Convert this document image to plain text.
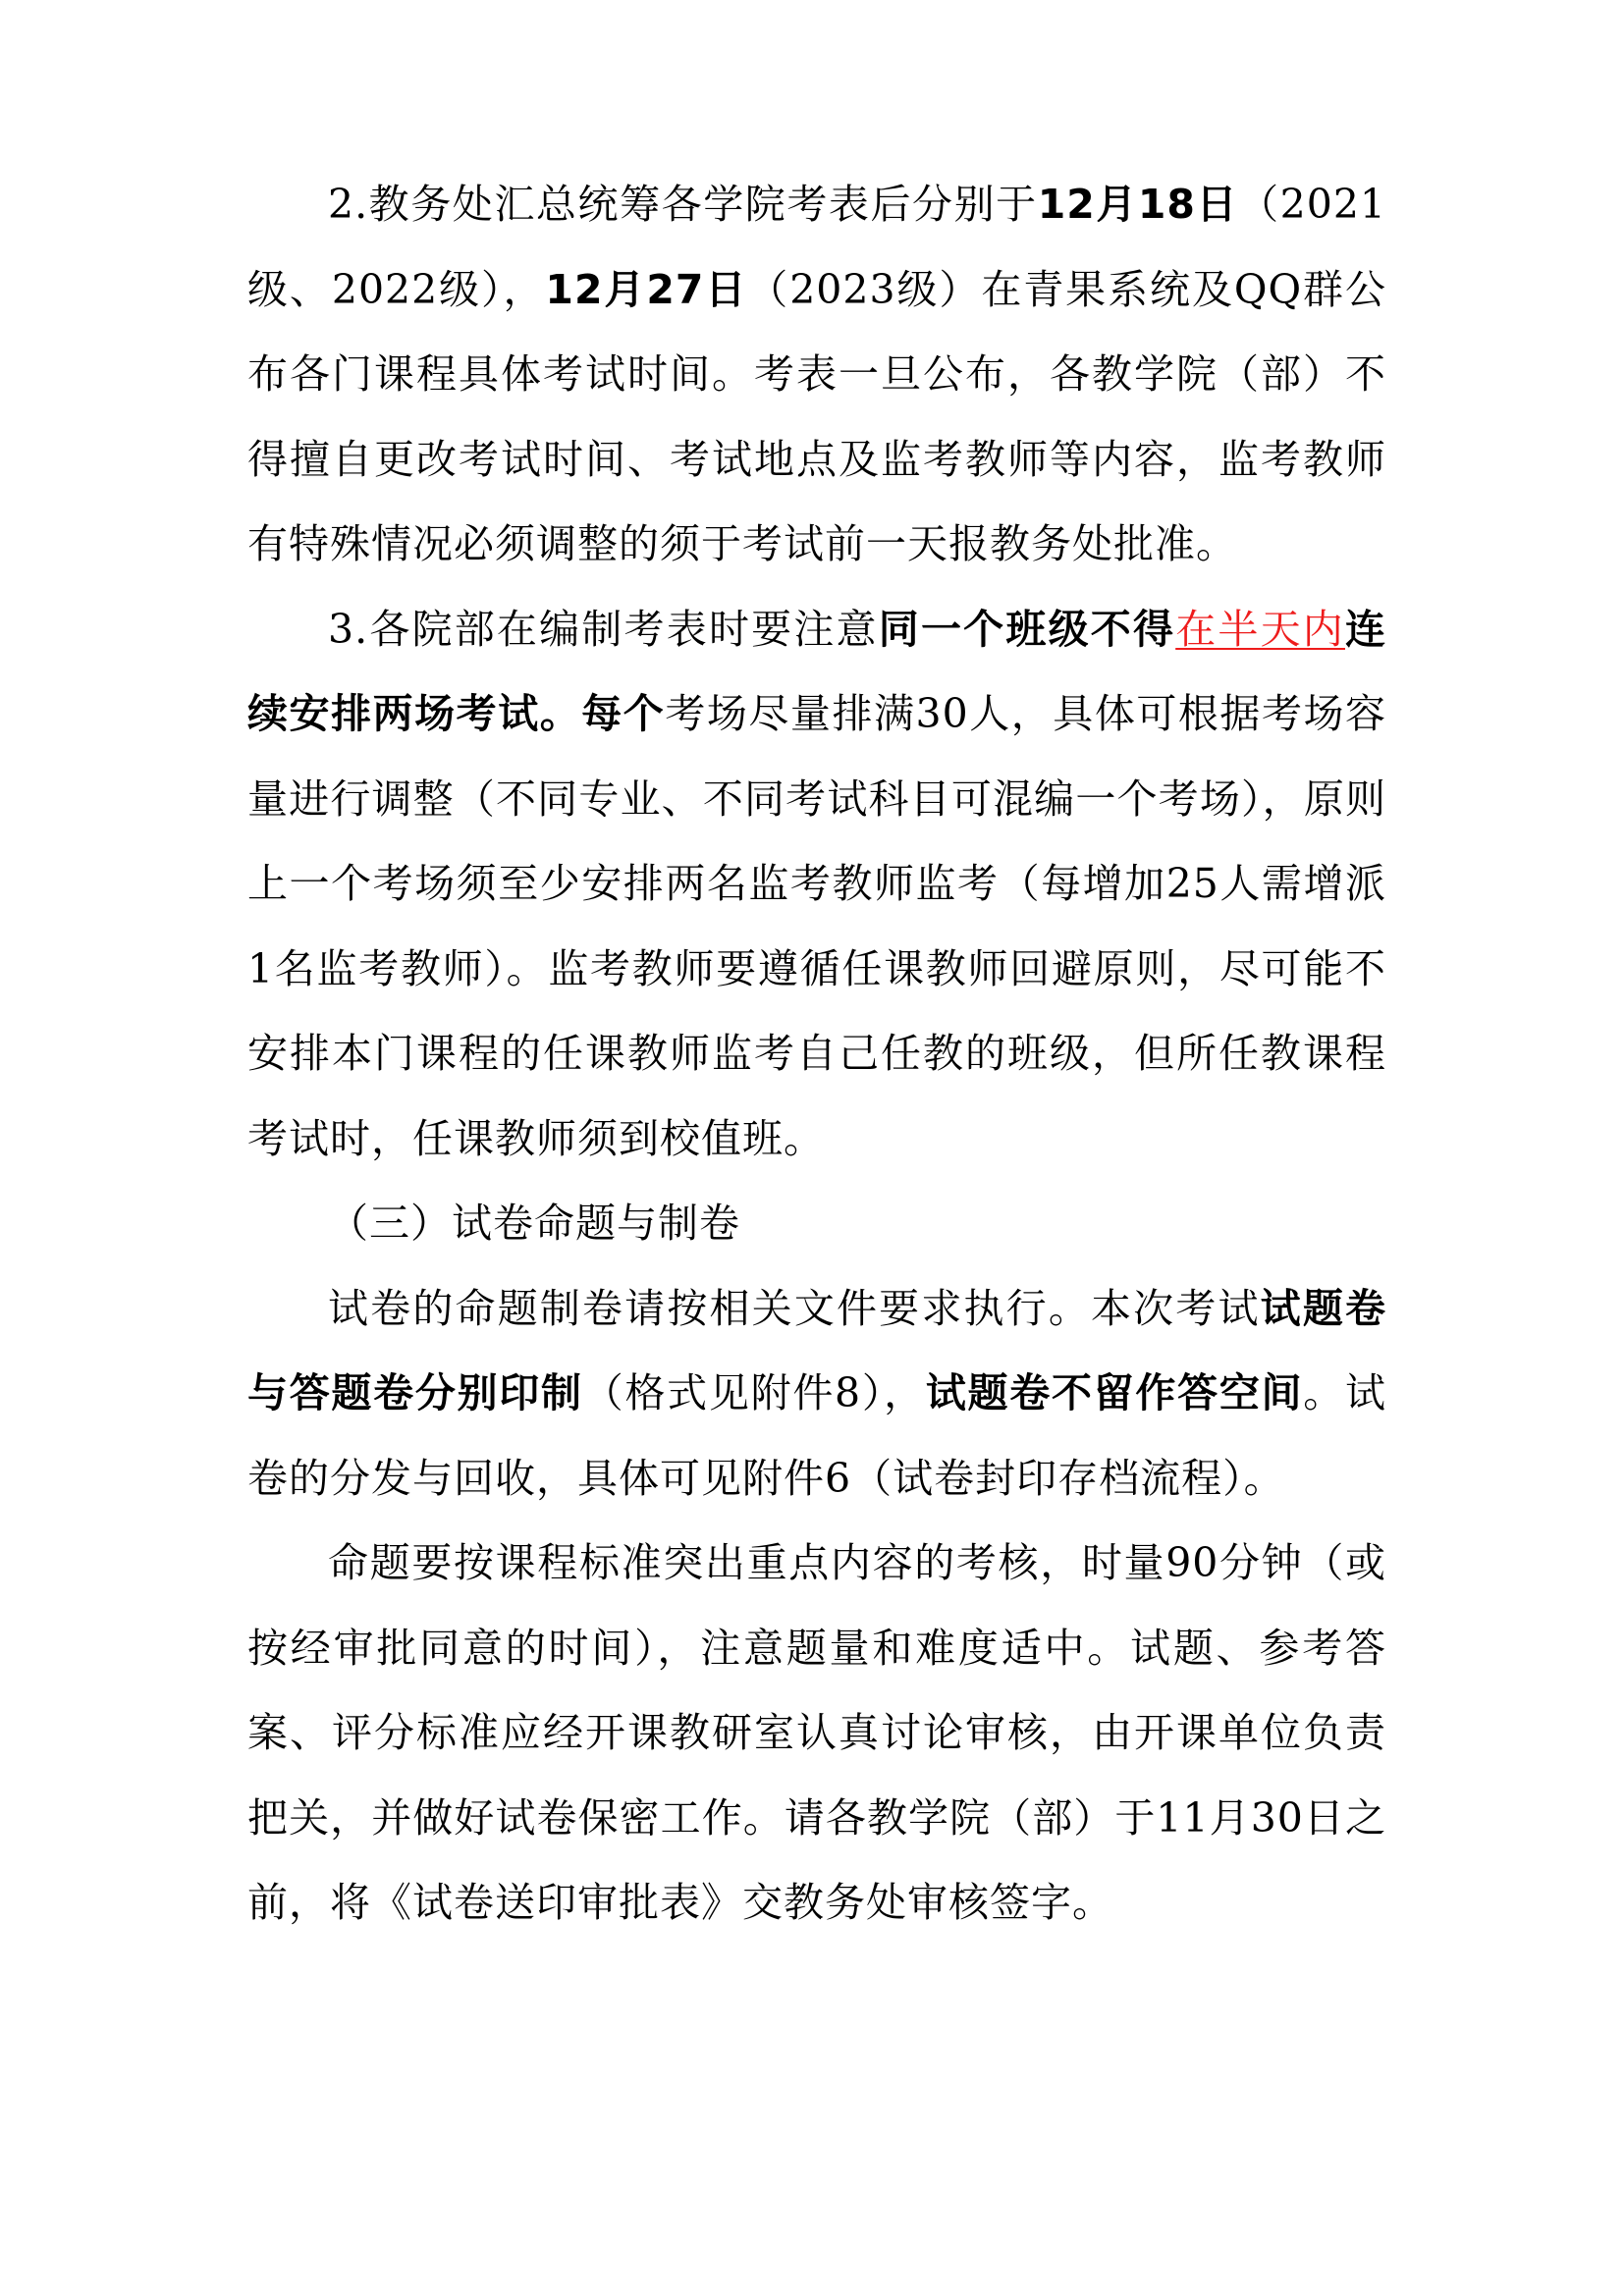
2.教务处汇总统筹各学院考表后分别于12月18日（2021级、2022级），12月27日（2023级）在青果系统及QQ群公布各门课程具体考试时间。考表一旦公布，各教学院（部）不得擅自更改考试时间、考试地点及监考教师等内容，监考教师有特殊情况必须调整的须于考试前一天报教务处批准。

3.各院部在编制考表时要注意同一个班级不得在半天内连续安排两场考试。每个考场尽量排满30人，具体可根据考场容量进行调整（不同专业、不同考试科目可混编一个考场），原则上一个考场须至少安排两名监考教师监考（每增加25人需增派1名监考教师）。监考教师要遵循任课教师回避原则，尽可能不安排本门课程的任课教师监考自己任教的班级，但所任教课程考试时，任课教师须到校值班。

（三）试卷命题与制卷

试卷的命题制卷请按相关文件要求执行。本次考试试题卷与答题卷分别印制（格式见附件8），试题卷不留作答空间。试卷的分发与回收，具体可见附件6（试卷封印存档流程）。

命题要按课程标准突出重点内容的考核，时量90分钟（或按经审批同意的时间），注意题量和难度适中。试题、参考答案、评分标准应经开课教研室认真讨论审核，由开课单位负责把关，并做好试卷保密工作。请各教学院（部）于11月30日之前，将《试卷送印审批表》交教务处审核签字。
